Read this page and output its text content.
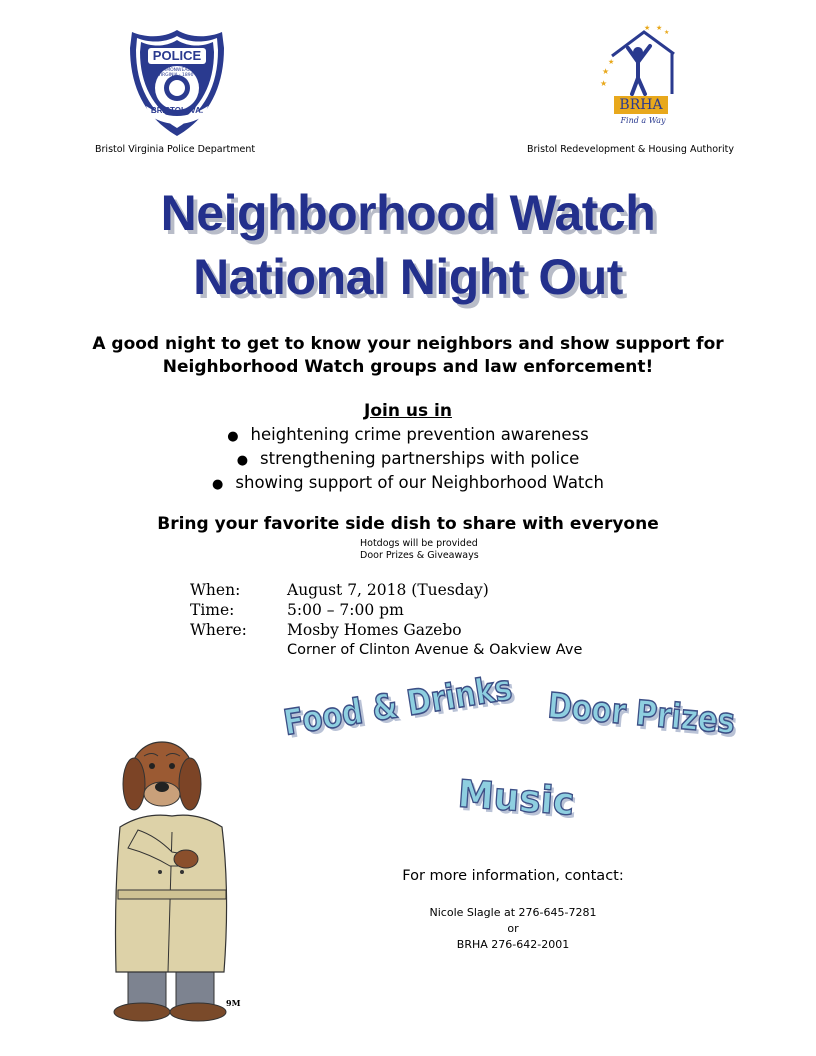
POLICE
BRISTOL, VA.
COMMONWEALTH · VIRGINIA · 1890 ·
Bristol Virginia Police Department
★
★
★
★ ★
★
BRHA
Find a Way
Bristol Redevelopment & Housing Authority
Neighborhood Watch
National Night Out
A good night to get to know your neighbors and show support for
Neighborhood Watch groups and law enforcement!
Join us in
● heightening crime prevention awareness
● strengthening partnerships with police
● showing support of our Neighborhood Watch
Bring your favorite side dish to share with everyone
Hotdogs will be provided
Door Prizes & Giveaways
When:	August 7, 2018 (Tuesday)
Time:	5:00 – 7:00 pm
Where:	Mosby Homes Gazebo
Corner of Clinton Avenue & Oakview Ave
Food & Drinks Door Prizes
Music
9M
For more information, contact:
Nicole Slagle at 276-645-7281
or
BRHA 276-642-2001
